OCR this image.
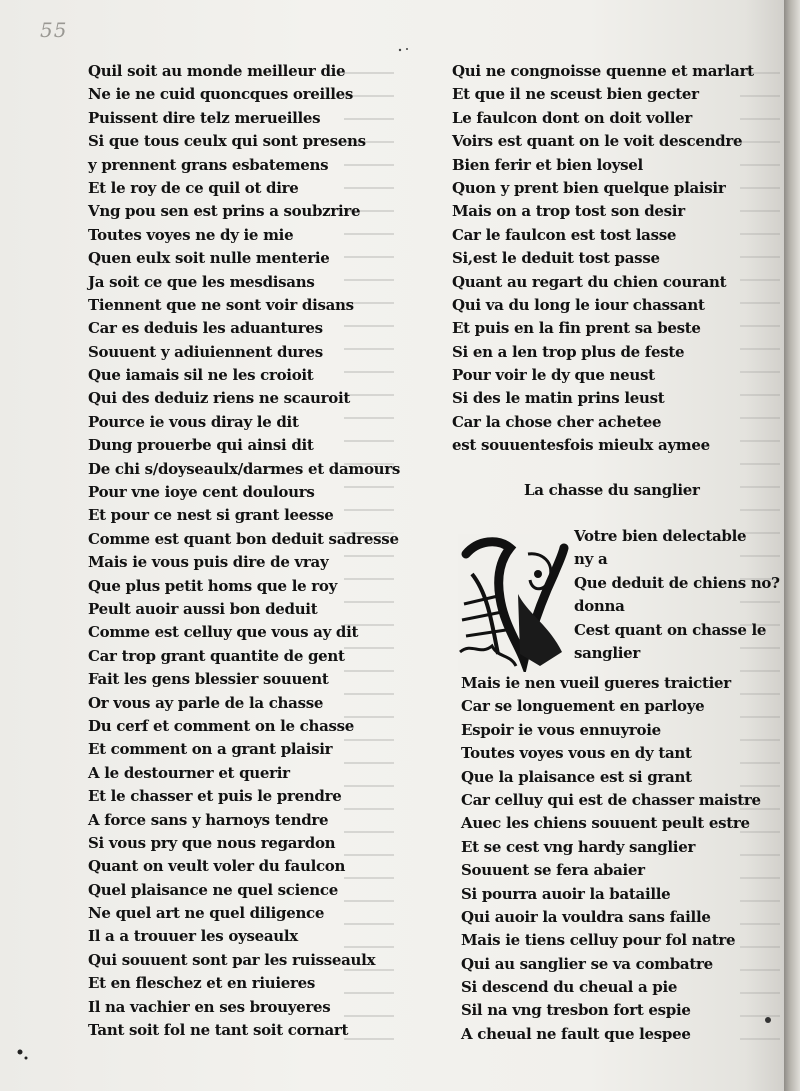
55
Quil soit au monde meilleur die
Ne ie ne cuid quoncques oreilles
Puissent dire telz merueilles
Si que tous ceulx qui sont presens
y prennent grans esbatemens
Et le roy de ce quil ot dire
Vng pou sen est prins a soubzrire
Toutes voyes ne dy ie mie
Quen eulx soit nulle menterie
Ja soit ce que les mesdisans
Tiennent que ne sont voir disans
Car es deduis les aduantures
Souuent y adiuiennent dures
Que iamais sil ne les croioit
Qui des deduiz riens ne scauroit
Pource ie vous diray le dit
Dung prouerbe qui ainsi dit
De chi s/doyseaulx/darmes et damours
Pour vne ioye cent doulours
Et pour ce nest si grant leesse
Comme est quant bon deduit sadresse
Mais ie vous puis dire de vray
Que plus petit homs que le roy
Peult auoir aussi bon deduit
Comme est celluy que vous ay dit
Car trop grant quantite de gent
Fait les gens blessier souuent
Or vous ay parle de la chasse
Du cerf et comment on le chasse
Et comment on a grant plaisir
A le destourner et querir
Et le chasser et puis le prendre
A force sans y harnoys tendre
Si vous pry que nous regardon
Quant on veult voler du faulcon
Quel plaisance ne quel science
Ne quel art ne quel diligence
Il a a trouuer les oyseaulx
Qui souuent sont par les ruisseaulx
Et en fleschez et en riuieres
Il na vachier en ses brouyeres
Tant soit fol ne tant soit cornart
Qui ne congnoisse quenne et marlart
Et que il ne sceust bien gecter
Le faulcon dont on doit voller
Voirs est quant on le voit descendre
Bien ferir et bien loysel
Quon y prent bien quelque plaisir
Mais on a trop tost son desir
Car le faulcon est tost lasse
Si,est le deduit tost passe
Quant au regart du chien courant
Qui va du long le iour chassant
Et puis en la fin prent sa beste
Si en a len trop plus de feste
Pour voir le dy que neust
Si des le matin prins leust
Car la chose cher achetee
est souuentesfois mieulx aymee
La chasse du sanglier
Votre bien delectable
ny a
Que deduit de chiens no?
donna
Cest quant on chasse le
sanglier
Mais ie nen vueil gueres traictier
Car se longuement en parloye
Espoir ie vous ennuyroie
Toutes voyes vous en dy tant
Que la plaisance est si grant
Car celluy qui est de chasser maistre
Auec les chiens souuent peult estre
Et se cest vng hardy sanglier
Souuent se fera abaier
Si pourra auoir la bataille
Qui auoir la vouldra sans faille
Mais ie tiens celluy pour fol natre
Qui au sanglier se va combatre
Si descend du cheual a pie
Sil na vng tresbon fort espie
A cheual ne fault que lespee
